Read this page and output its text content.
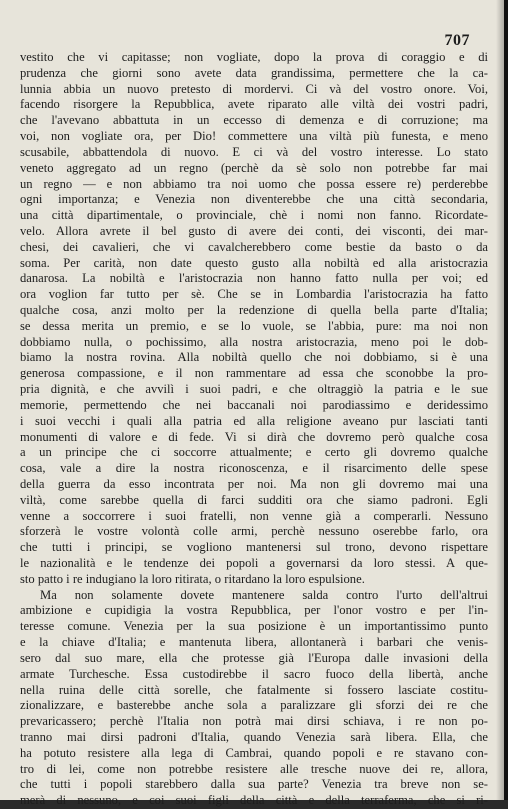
707
vestito che vi capitasse; non vogliate, dopo la prova di coraggio e di
prudenza che giorni sono avete data grandissima, permettere che la ca-
lunnia abbia un nuovo pretesto di mordervi. Ci và del vostro onore. Voi,
facendo risorgere la Repubblica, avete riparato alle viltà dei vostri padri,
che l'avevano abbattuta in un eccesso di demenza e di corruzione; ma
voi, non vogliate ora, per Dio! commettere una viltà più funesta, e meno
scusabile, abbattendola di nuovo. E ci và del vostro interesse. Lo stato
veneto aggregato ad un regno (perchè da sè solo non potrebbe far mai
un regno — e non abbiamo tra noi uomo che possa essere re) perderebbe
ogni importanza; e Venezia non diventerebbe che una città secondaria,
una città dipartimentale, o provinciale, chè i nomi non fanno. Ricordate-
velo. Allora avrete il bel gusto di avere dei conti, dei visconti, dei mar-
chesi, dei cavalieri, che vi cavalcherebbero come bestie da basto o da
soma. Per carità, non date questo gusto alla nobiltà ed alla aristocrazia
danarosa. La nobiltà e l'aristocrazia non hanno fatto nulla per voi; ed
ora voglion far tutto per sè. Che se in Lombardia l'aristocrazia ha fatto
qualche cosa, anzi molto per la redenzione di quella bella parte d'Italia;
se dessa merita un premio, e se lo vuole, se l'abbia, pure: ma noi non
dobbiamo nulla, o pochissimo, alla nostra aristocrazia, meno poi le dob-
biamo la nostra rovina. Alla nobiltà quello che noi dobbiamo, si è una
generosa compassione, e il non rammentare ad essa che sconobbe la pro-
pria dignità, e che avvilì i suoi padri, e che oltraggiò la patria e le sue
memorie, permettendo che nei baccanali noi parodiassimo e deridessimo
i suoi vecchi i quali alla patria ed alla religione aveano pur lasciati tanti
monumenti di valore e di fede. Vi si dirà che dovremo però qualche cosa
a un principe che ci soccorre attualmente; e certo gli dovremo qualche
cosa, vale a dire la nostra riconoscenza, e il risarcimento delle spese
della guerra da esso incontrata per noi. Ma non gli dovremo mai una
viltà, come sarebbe quella di farci sudditi ora che siamo padroni. Egli
venne a soccorrere i suoi fratelli, non venne già a comperarli. Nessuno
sforzerà le vostre volontà colle armi, perchè nessuno oserebbe farlo, ora
che tutti i principi, se vogliono mantenersi sul trono, devono rispettare
le nazionalità e le tendenze dei popoli a governarsi da loro stessi. A que-
sto patto i re indugiano la loro ritirata, o ritardano la loro espulsione.
Ma non solamente dovete mantenere salda contro l'urto dell'altrui
ambizione e cupidigia la vostra Repubblica, per l'onor vostro e per l'in-
teresse comune. Venezia per la sua posizione è un importantissimo punto
e la chiave d'Italia; e mantenuta libera, allontanerà i barbari che venis-
sero dal suo mare, ella che protesse già l'Europa dalle invasioni della
armate Turchesche. Essa custodirebbe il sacro fuoco della libertà, anche
nella ruina delle città sorelle, che fatalmente si fossero lasciate costitu-
zionalizzare, e basterebbe anche sola a paralizzare gli sforzi dei re che
prevaricassero; perchè l'Italia non potrà mai dirsi schiava, i re non po-
tranno mai dirsi padroni d'Italia, quando Venezia sarà libera. Ella, che
ha potuto resistere alla lega di Cambrai, quando popoli e re stavano con-
tro di lei, come non potrebbe resistere alle tresche nuove dei re, allora,
che tutti i popoli starebbero dalla sua parte? Venezia tra breve non se-
merà di nessuno, e coi suoi figli della città e della terraferma, che si ri-
